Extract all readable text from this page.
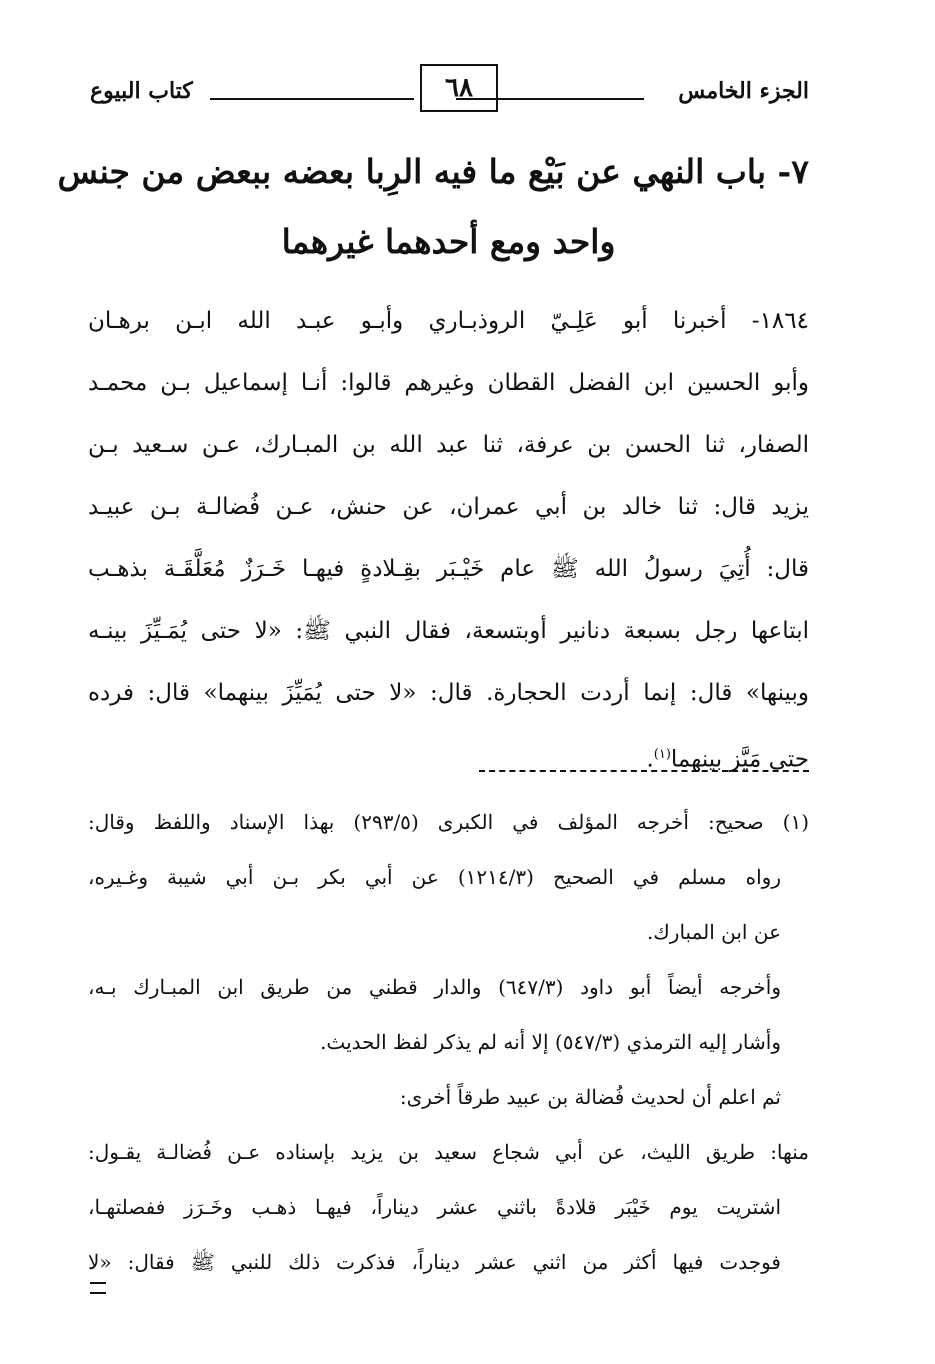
الجزء الخامس
٦٨
كتاب البيوع
٧- باب النهي عن بَيْع ما فيه الرِبا بعضه ببعض من جنس
واحد ومع أحدهما غيرهما
١٨٦٤- أخبرنا أبو عَلِـيّ الروذبـاري وأبـو عبـد الله ابـن برهـان
وأبو الحسين ابن الفضل القطان وغيرهم قالوا: أنـا إسماعيل بـن محمـد
الصفار، ثنا الحسن بن عرفة، ثنا عبد الله بن المبـارك، عـن سـعيد بـن
يزيد قال: ثنا خالد بن أبي عمران، عن حنش، عـن فُضالـة بـن عبيـد
قال: أُتِيَ رسولُ الله ﷺ عام خَيْـبَر بقِـلادةٍ فيهـا خَـرَزٌ مُعَلَّقَـة بذهـب
ابتاعها رجل بسبعة دنانير أوبتسعة، فقال النبي ﷺ: «لا حتى يُمَـيِّزَ بينـه
وبينها» قال: إنما أردت الحجارة. قال: «لا حتى يُمَيِّزَ بينهما» قال: فرده
حتى مَيَّز بينهما$^{(١)}$.
(١) صحيح: أخرجه المؤلف في الكبرى (٢٩٣/٥) بهذا الإسناد واللفظ وقال:
رواه مسلم في الصحيح (١٢١٤/٣) عن أبي بكر بـن أبي شيبة وغـيره،
عن ابن المبارك.
وأخرجه أيضاً أبو داود (٦٤٧/٣) والدار قطني من طريق ابن المبـارك بـه،
وأشار إليه الترمذي (٥٤٧/٣) إلا أنه لم يذكر لفظ الحديث.
ثم اعلم أن لحديث فُضالة بن عبيد طرقاً أخرى:
منها: طريق الليث، عن أبي شجاع سعيد بن يزيد بإسناده عـن فُضالـة يقـول:
اشتريت يوم خَيْبَر قلادةً باثني عشر ديناراً، فيهـا ذهـب وخَـرَز ففصلتهـا،
فوجدت فيها أكثر من اثني عشر ديناراً، فذكرت ذلك للنبي ﷺ فقال: «لا
